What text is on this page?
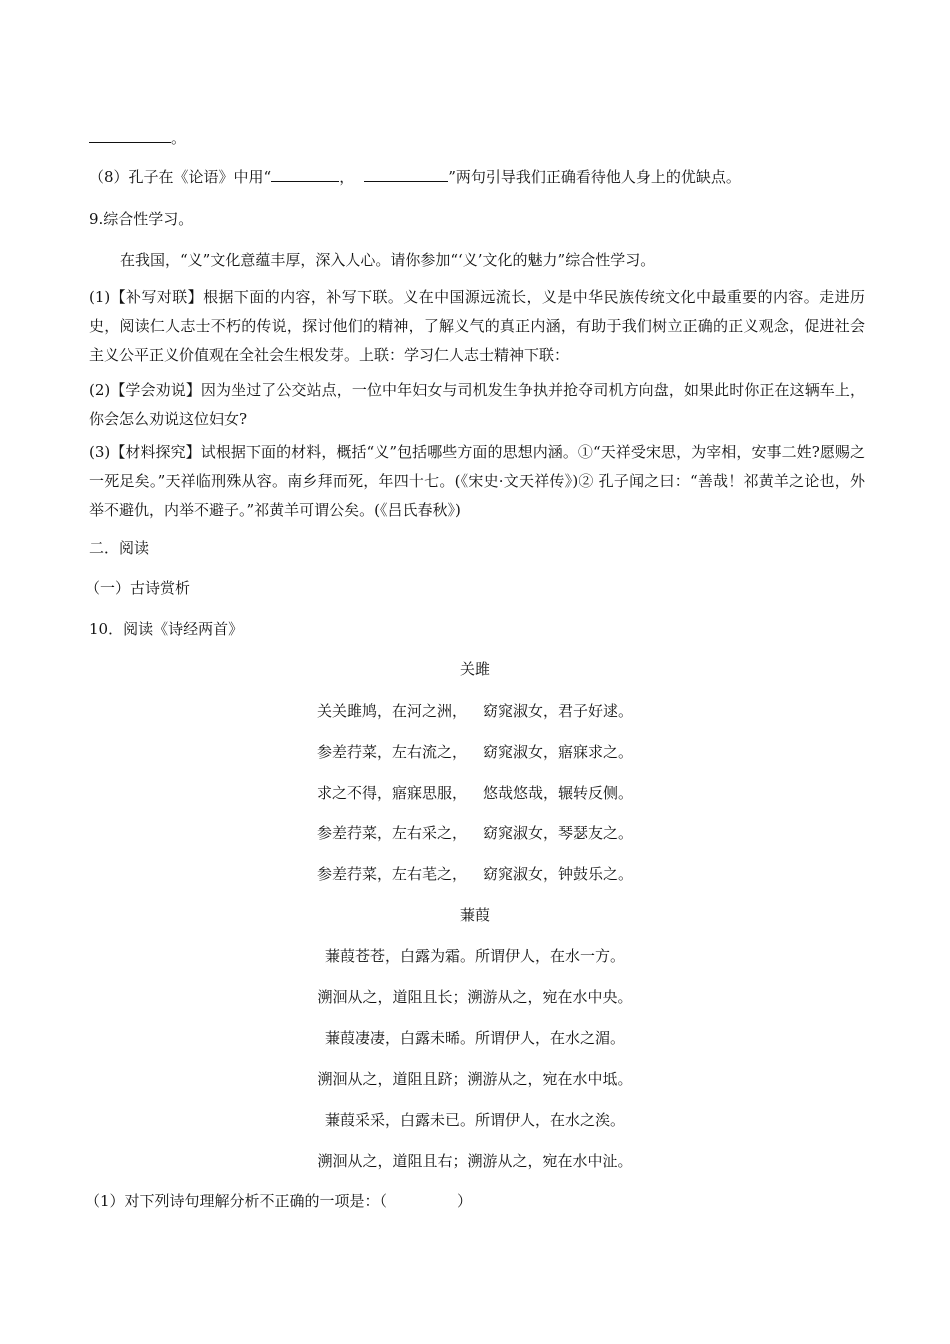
。
（8）孔子在《论语》中用“	，	”两句引导我们正确看待他人身上的优缺点。
9.综合性学习。
在我国，“义”文化意蕴丰厚，深入人心。请你参加“‘义’文化的魅力”综合性学习。
(1)【补写对联】根据下面的内容，补写下联。义在中国源远流长，义是中华民族传统文化中最重要的内容。走进历史，阅读仁人志士不朽的传说，探讨他们的精神，了解义气的真正内涵，有助于我们树立正确的正义观念，促进社会主义公平正义价值观在全社会生根发芽。上联：学习仁人志士精神下联：
(2)【学会劝说】因为坐过了公交站点，一位中年妇女与司机发生争执并抢夺司机方向盘，如果此时你正在这辆车上，你会怎么劝说这位妇女?
(3)【材料探究】试根据下面的材料，概括“义”包括哪些方面的思想内涵。①“天祥受宋思，为宰相，安事二姓?愿赐之一死足矣。”天祥临刑殊从容。南乡拜而死，年四十七。(《宋史·文天祥传》)② 孔子闻之曰：“善哉！祁黄羊之论也，外举不避仇，内举不避子。”祁黄羊可谓公矣。(《吕氏春秋》)
二．阅读
（一）古诗赏析
10．阅读《诗经两首》
关雎
关关雎鸠，在河之洲， 窈窕淑女，君子好逑。
参差荇菜，左右流之， 窈窕淑女，寤寐求之。
求之不得，寤寐思服， 悠哉悠哉，辗转反侧。
参差荇菜，左右采之， 窈窕淑女，琴瑟友之。
参差荇菜，左右芼之， 窈窕淑女，钟鼓乐之。
蒹葭
蒹葭苍苍，白露为霜。所谓伊人，在水一方。
溯洄从之，道阻且长；溯游从之，宛在水中央。
蒹葭凄凄，白露未晞。所谓伊人，在水之湄。
溯洄从之，道阻且跻；溯游从之，宛在水中坻。
蒹葭采采，白露未已。所谓伊人，在水之涘。
溯洄从之，道阻且右；溯游从之，宛在水中沚。
（1）对下列诗句理解分析不正确的一项是：（	）
